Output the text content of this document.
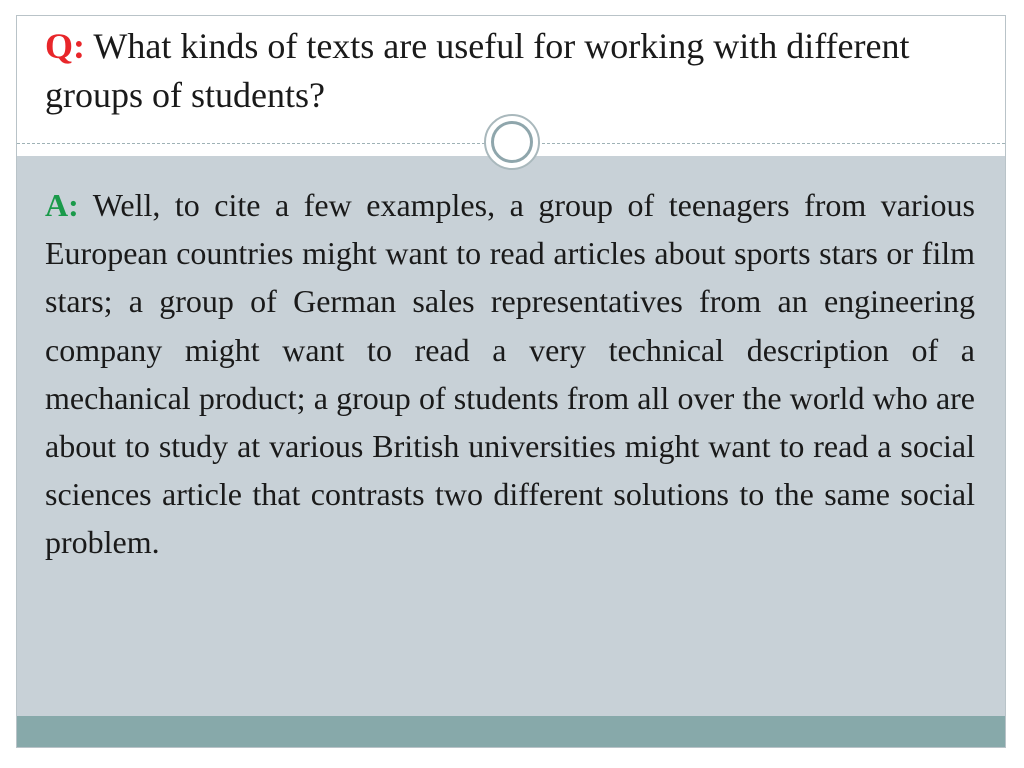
Q: What kinds of texts are useful for working with different groups of students?
A: Well, to cite a few examples, a group of teenagers from various European countries might want to read articles about sports stars or film stars; a group of German sales representatives from an engineering company might want to read a very technical description of a mechanical product; a group of students from all over the world who are about to study at various British universities might want to read a social sciences article that contrasts two different solutions to the same social problem.
